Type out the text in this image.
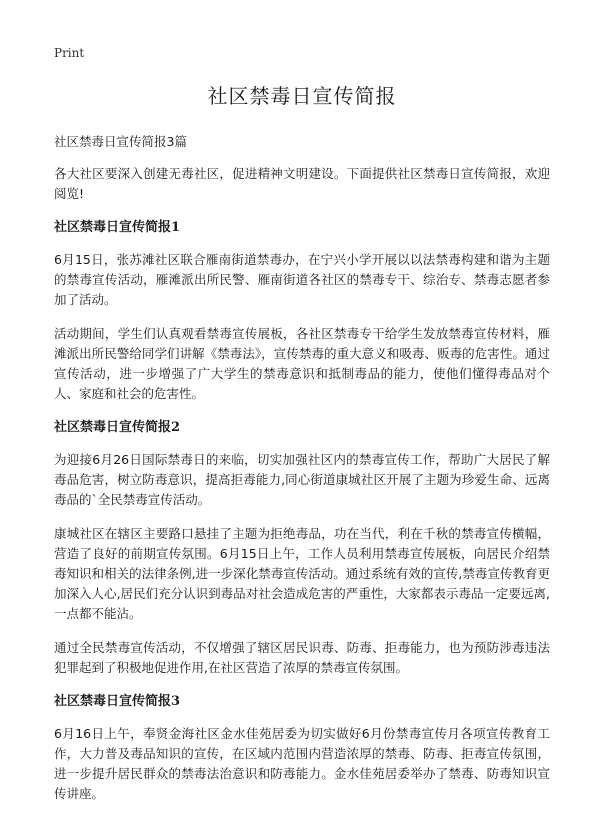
Print
社区禁毒日宣传简报
社区禁毒日宣传简报3篇

各大社区要深入创建无毒社区，促进精神文明建设。下面提供社区禁毒日宣传简报，欢迎阅览!

社区禁毒日宣传简报1

6月15日，张苏滩社区联合雁南街道禁毒办，在宁兴小学开展以以法禁毒构建和谐为主题的禁毒宣传活动，雁滩派出所民警、雁南街道各社区的禁毒专干、综治专、禁毒志愿者参加了活动。

活动期间，学生们认真观看禁毒宣传展板，各社区禁毒专干给学生发放禁毒宣传材料，雁滩派出所民警给同学们讲解《禁毒法》，宣传禁毒的重大意义和吸毒、贩毒的危害性。通过宣传活动，进一步增强了广大学生的禁毒意识和抵制毒品的能力，使他们懂得毒品对个人、家庭和社会的危害性。

社区禁毒日宣传简报2

为迎接6月26日国际禁毒日的来临，切实加强社区内的禁毒宣传工作，帮助广大居民了解毒品危害，树立防毒意识，提高拒毒能力,同心街道康城社区开展了主题为珍爱生命、远离毒品的`全民禁毒宣传活动。

康城社区在辖区主要路口悬挂了主题为拒绝毒品，功在当代，利在千秋的禁毒宣传横幅，营造了良好的前期宣传氛围。6月15日上午，工作人员利用禁毒宣传展板，向居民介绍禁毒知识和相关的法律条例,进一步深化禁毒宣传活动。通过系统有效的宣传,禁毒宣传教育更加深入人心,居民们充分认识到毒品对社会造成危害的严重性，大家都表示毒品一定要远离,一点都不能沾。

通过全民禁毒宣传活动，不仅增强了辖区居民识毒、防毒、拒毒能力，也为预防涉毒违法犯罪起到了积极地促进作用,在社区营造了浓厚的禁毒宣传氛围。

社区禁毒日宣传简报3

6月16日上午，奉贤金海社区金水佳苑居委为切实做好6月份禁毒宣传月各项宣传教育工作，大力普及毒品知识的宣传，在区域内范围内营造浓厚的禁毒、防毒、拒毒宣传氛围，进一步提升居民群众的禁毒法治意识和防毒能力。金水佳苑居委举办了禁毒、防毒知识宣传讲座。
